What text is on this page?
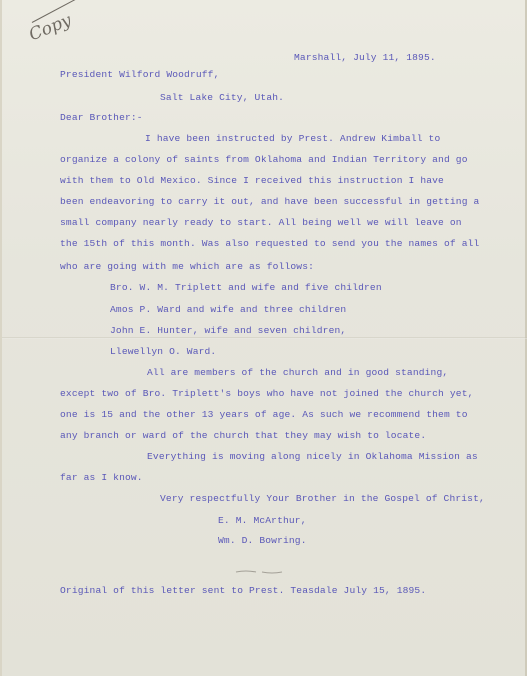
Copy
Marshall, July 11, 1895.
President Wilford Woodruff,
Salt Lake City, Utah.
Dear Brother:-
I have been instructed by Prest. Andrew Kimball to
organize a colony of saints from Oklahoma and Indian Territory and go
with them to Old Mexico. Since I received this instruction I have
been endeavoring to carry it out, and have been successful in getting a
small company nearly ready to start. All being well we will leave on
the 15th of this month. Was also requested to send you the names of all
who are going with me which are as follows:
Bro. W. M. Triplett and wife and five children
Amos P. Ward and wife and three children
John E. Hunter, wife and seven children,
Llewellyn O. Ward.
All are members of the church and in good standing,
except two of Bro. Triplett's boys who have not joined the church yet,
one is 15 and the other 13 years of age. As such we recommend them to
any branch or ward of the church that they may wish to locate.
Everything is moving along nicely in Oklahoma Mission as
far as I know.
Very respectfully Your Brother in the Gospel of Christ,
E. M. McArthur,
Wm. D. Bowring.
Original of this letter sent to Prest. Teasdale July 15, 1895.
